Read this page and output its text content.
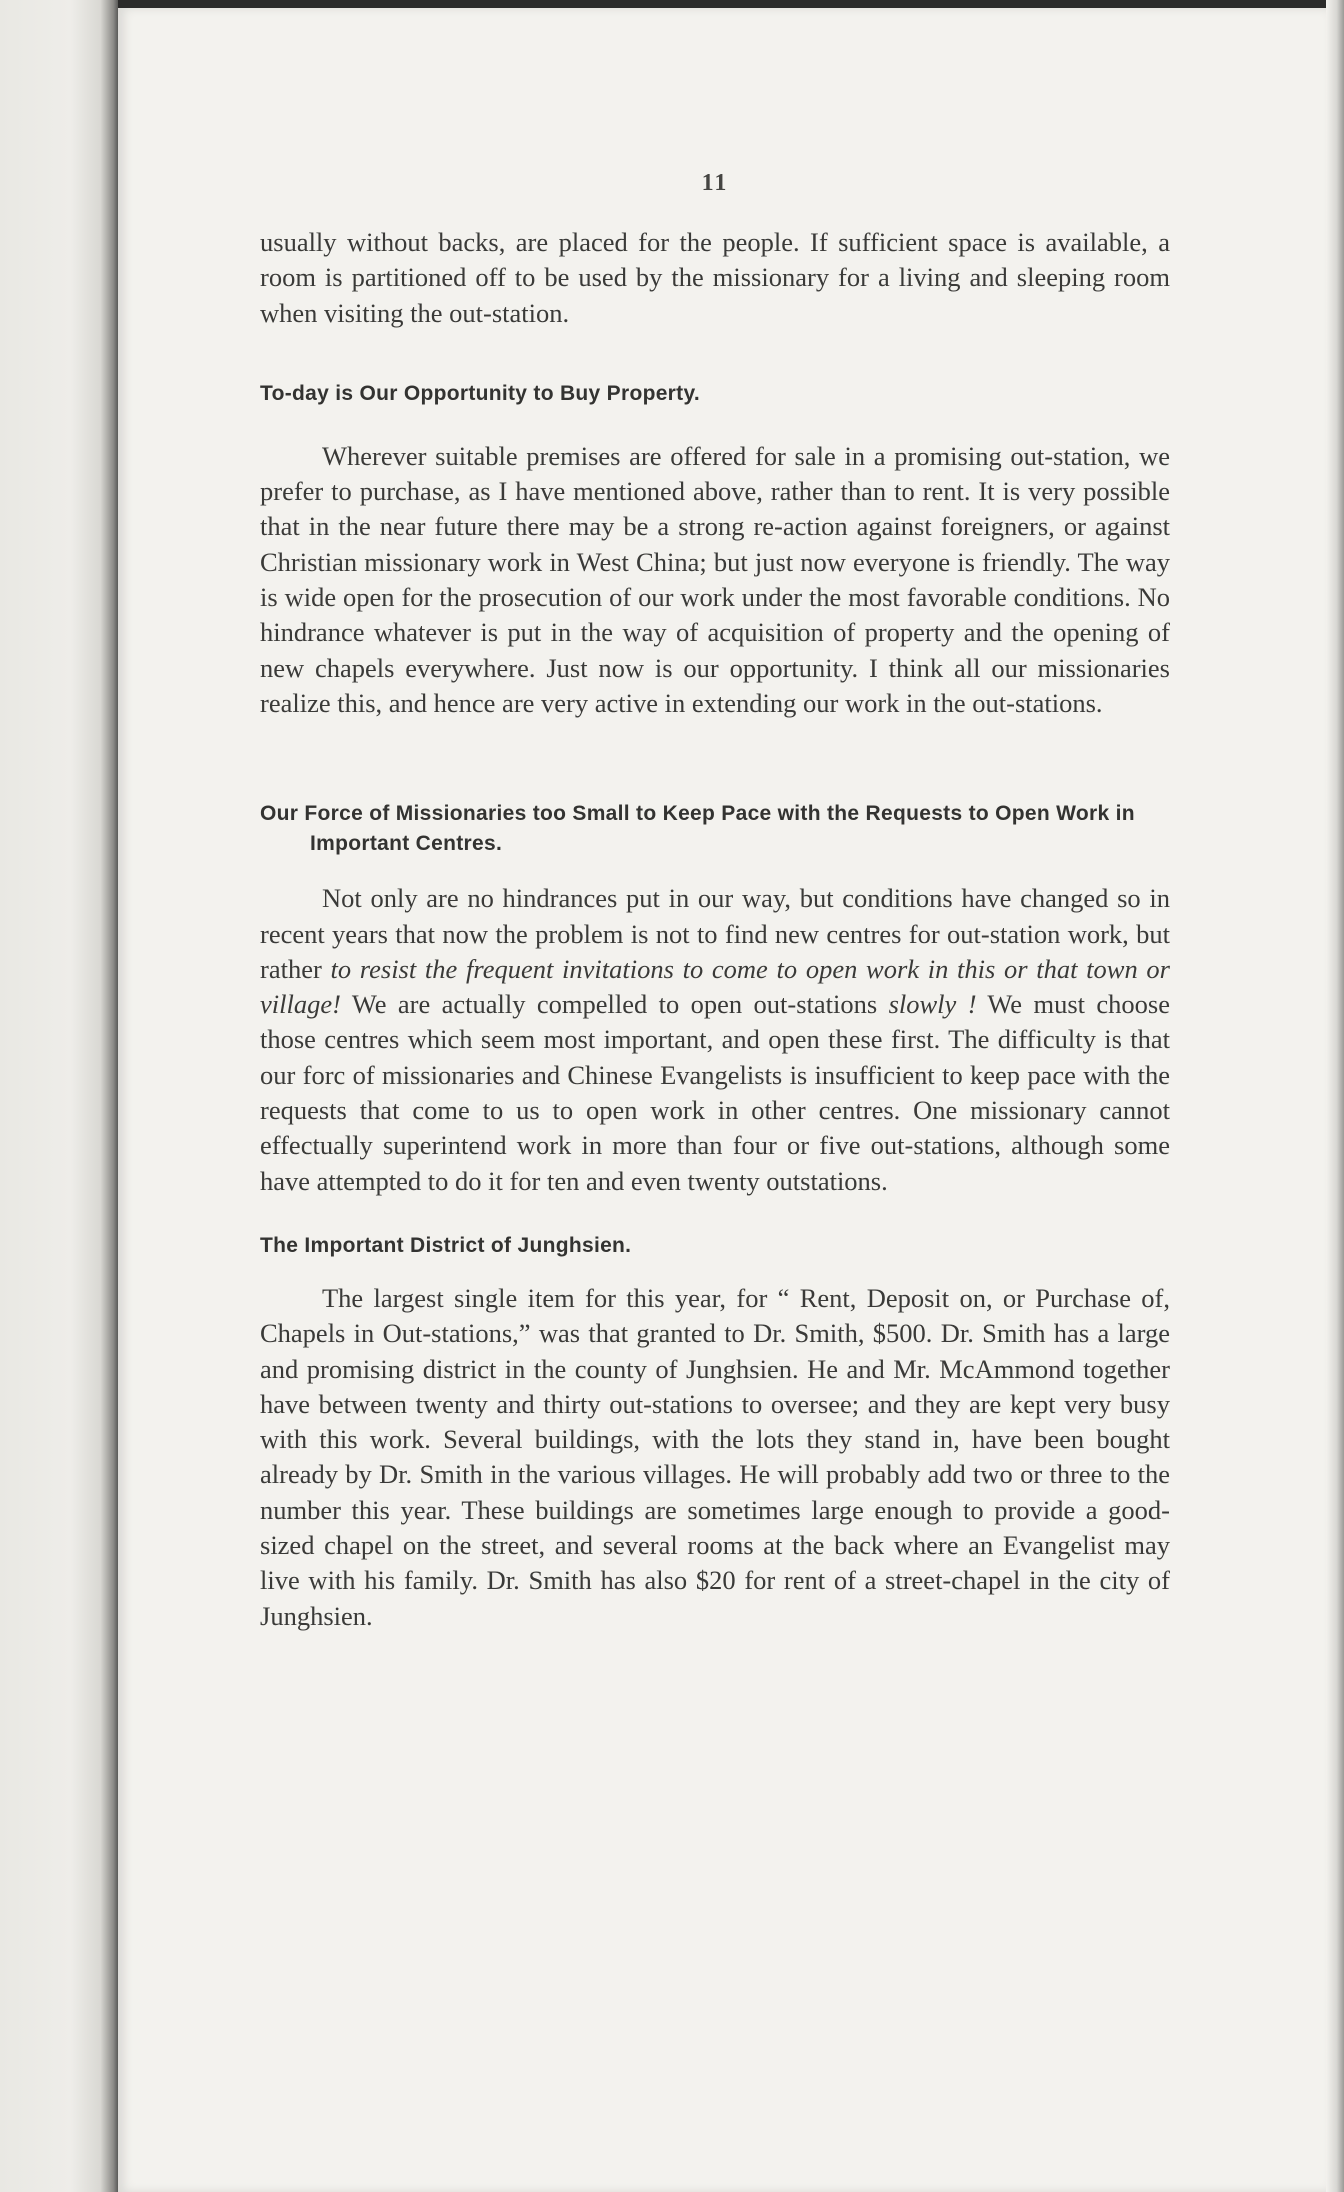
11

usually without backs, are placed for the people. If sufficient space is available, a room is partitioned off to be used by the missionary for a living and sleeping room when visiting the out-station.

To-day is Our Opportunity to Buy Property.

Wherever suitable premises are offered for sale in a promising out-station, we prefer to purchase, as I have mentioned above, rather than to rent. It is very possible that in the near future there may be a strong re-action against foreigners, or against Christian missionary work in West China; but just now everyone is friendly. The way is wide open for the prosecution of our work under the most favorable conditions. No hindrance whatever is put in the way of acquisition of property and the opening of new chapels everywhere. Just now is our opportunity. I think all our missionaries realize this, and hence are very active in extending our work in the out-stations.

Our Force of Missionaries too Small to Keep Pace with the Requests to Open Work in Important Centres.

Not only are no hindrances put in our way, but conditions have changed so in recent years that now the problem is not to find new centres for out-station work, but rather to resist the frequent invitations to come to open work in this or that town or village! We are actually compelled to open out-stations slowly ! We must choose those centres which seem most important, and open these first. The difficulty is that our forc of missionaries and Chinese Evangelists is insufficient to keep pace with the requests that come to us to open work in other centres. One missionary cannot effectually superintend work in more than four or five out-stations, although some have attempted to do it for ten and even twenty outstations.

The Important District of Junghsien.

The largest single item for this year, for “ Rent, Deposit on, or Purchase of, Chapels in Out-stations,” was that granted to Dr. Smith, $500. Dr. Smith has a large and promising district in the county of Junghsien. He and Mr. McAmmond together have between twenty and thirty out-stations to oversee; and they are kept very busy with this work. Several buildings, with the lots they stand in, have been bought already by Dr. Smith in the various villages. He will probably add two or three to the number this year. These buildings are sometimes large enough to provide a good-sized chapel on the street, and several rooms at the back where an Evangelist may live with his family. Dr. Smith has also $20 for rent of a street-chapel in the city of Junghsien.
